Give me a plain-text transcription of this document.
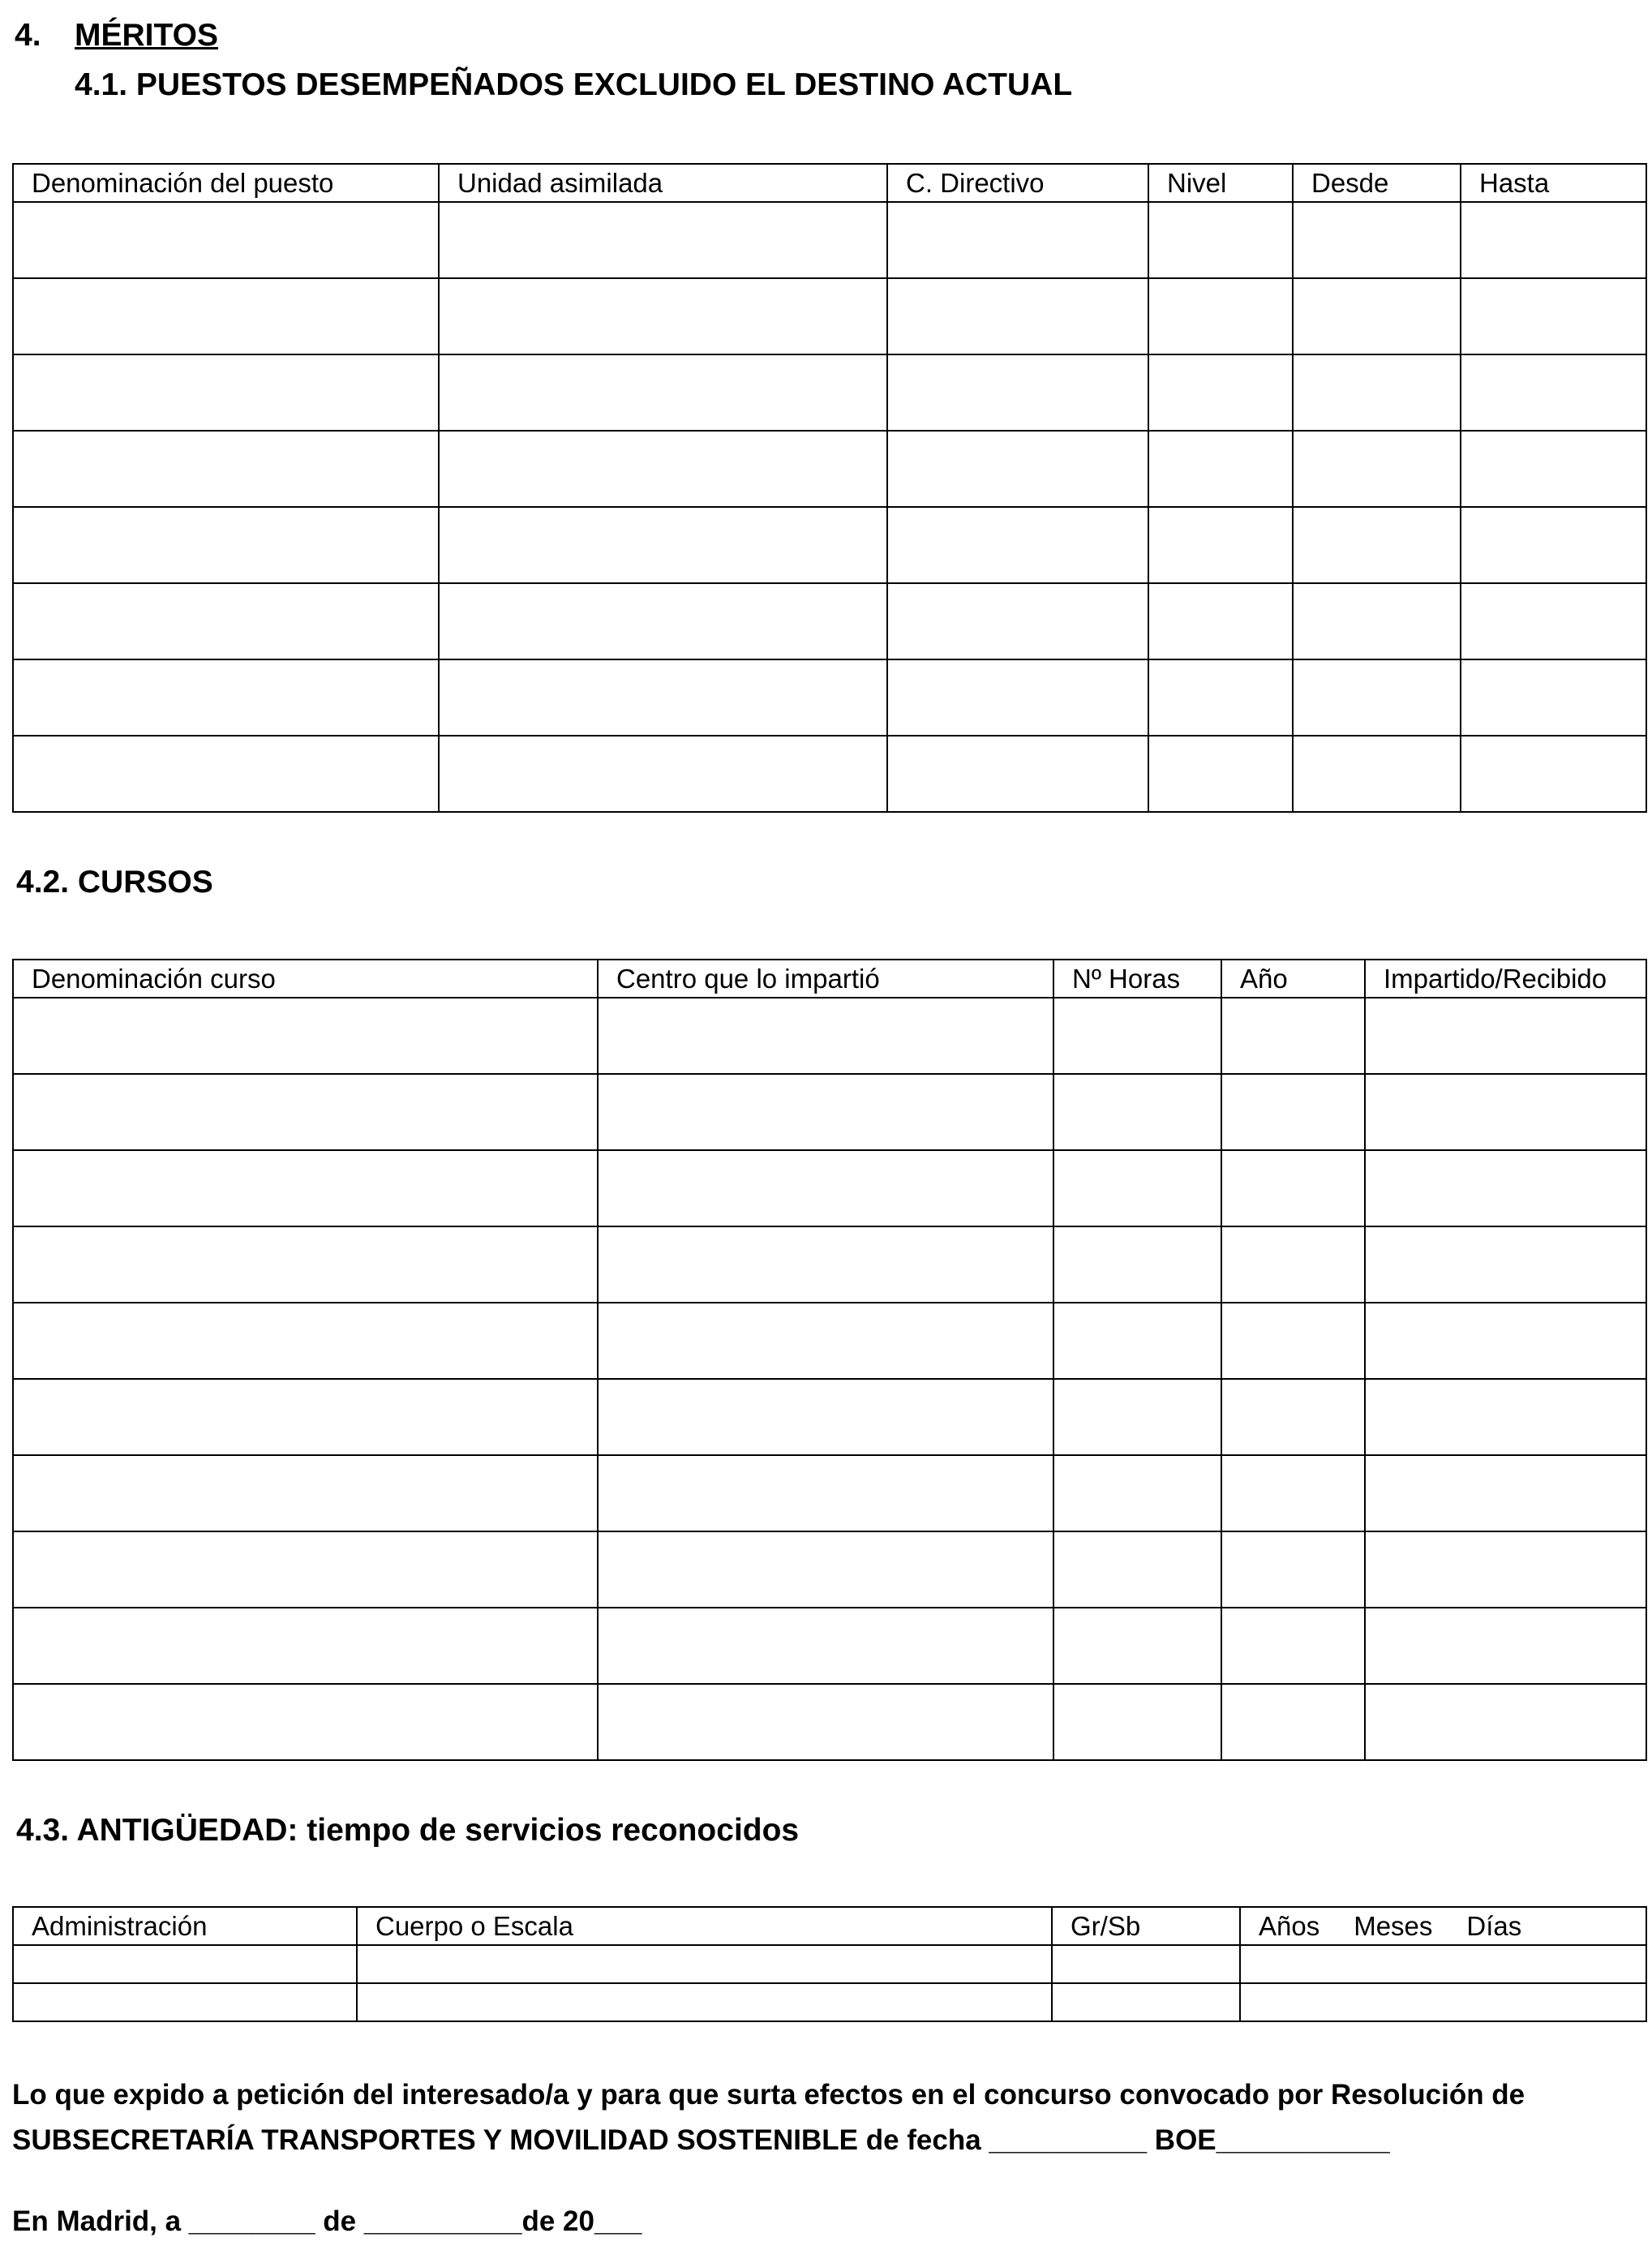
4. MÉRITOS
4.1. PUESTOS DESEMPEÑADOS EXCLUIDO EL DESTINO ACTUAL
Denominación del puesto	Unidad asimilada	C. Directivo	Nivel	Desde	Hasta

4.2. CURSOS
Denominación curso	Centro que lo impartió	Nº Horas	Año	Impartido/Recibido

4.3. ANTIGÜEDAD: tiempo de servicios reconocidos
Administración	Cuerpo o Escala	Gr/Sb	Años Meses Días

Lo que expido a petición del interesado/a y para que surta efectos en el concurso convocado por Resolución de
SUBSECRETARÍA TRANSPORTES Y MOVILIDAD SOSTENIBLE de fecha __________ BOE___________
En Madrid, a ________ de __________de 20___
